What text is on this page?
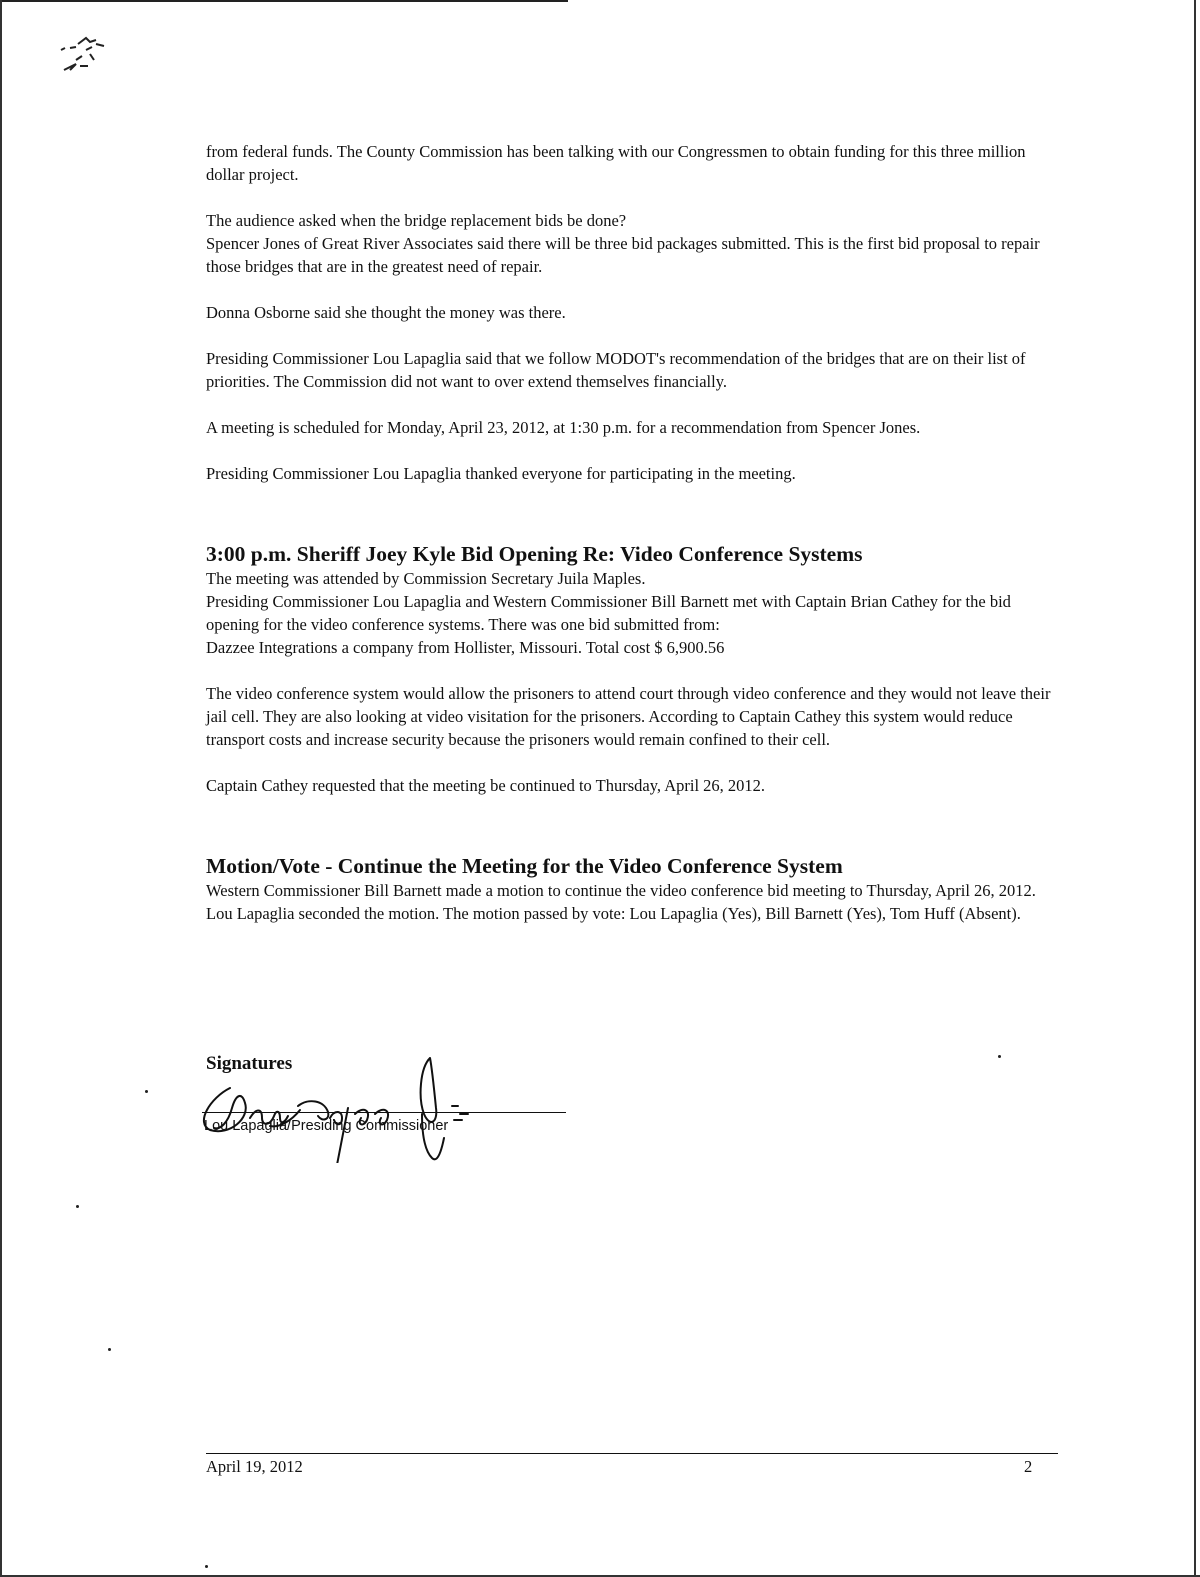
from federal funds. The County Commission has been talking with our Congressmen to obtain funding for this three million dollar project.

The audience asked when the bridge replacement bids be done?

Spencer Jones of Great River Associates said there will be three bid packages submitted. This is the first bid proposal to repair those bridges that are in the greatest need of repair.

Donna Osborne said she thought the money was there.

Presiding Commissioner Lou Lapaglia said that we follow MODOT's recommendation of the bridges that are on their list of priorities. The Commission did not want to over extend themselves financially.

A meeting is scheduled for Monday, April 23, 2012, at 1:30 p.m. for a recommendation from Spencer Jones.

Presiding Commissioner Lou Lapaglia thanked everyone for participating in the meeting.

3:00 p.m. Sheriff Joey Kyle Bid Opening Re: Video Conference Systems

The meeting was attended by Commission Secretary Juila Maples.

Presiding Commissioner Lou Lapaglia and Western Commissioner Bill Barnett met with Captain Brian Cathey for the bid opening for the video conference systems. There was one bid submitted from:

Dazzee Integrations a company from Hollister, Missouri. Total cost $ 6,900.56

The video conference system would allow the prisoners to attend court through video conference and they would not leave their jail cell. They are also looking at video visitation for the prisoners. According to Captain Cathey this system would reduce transport costs and increase security because the prisoners would remain confined to their cell.

Captain Cathey requested that the meeting be continued to Thursday, April 26, 2012.

Motion/Vote - Continue the Meeting for the Video Conference System

Western Commissioner Bill Barnett made a motion to continue the video conference bid meeting to Thursday, April 26, 2012.

Lou Lapaglia seconded the motion. The motion passed by vote: Lou Lapaglia (Yes), Bill Barnett (Yes), Tom Huff (Absent).

Signatures
Lou Lapaglia/Presiding Commissioner
April 19, 2012	2
